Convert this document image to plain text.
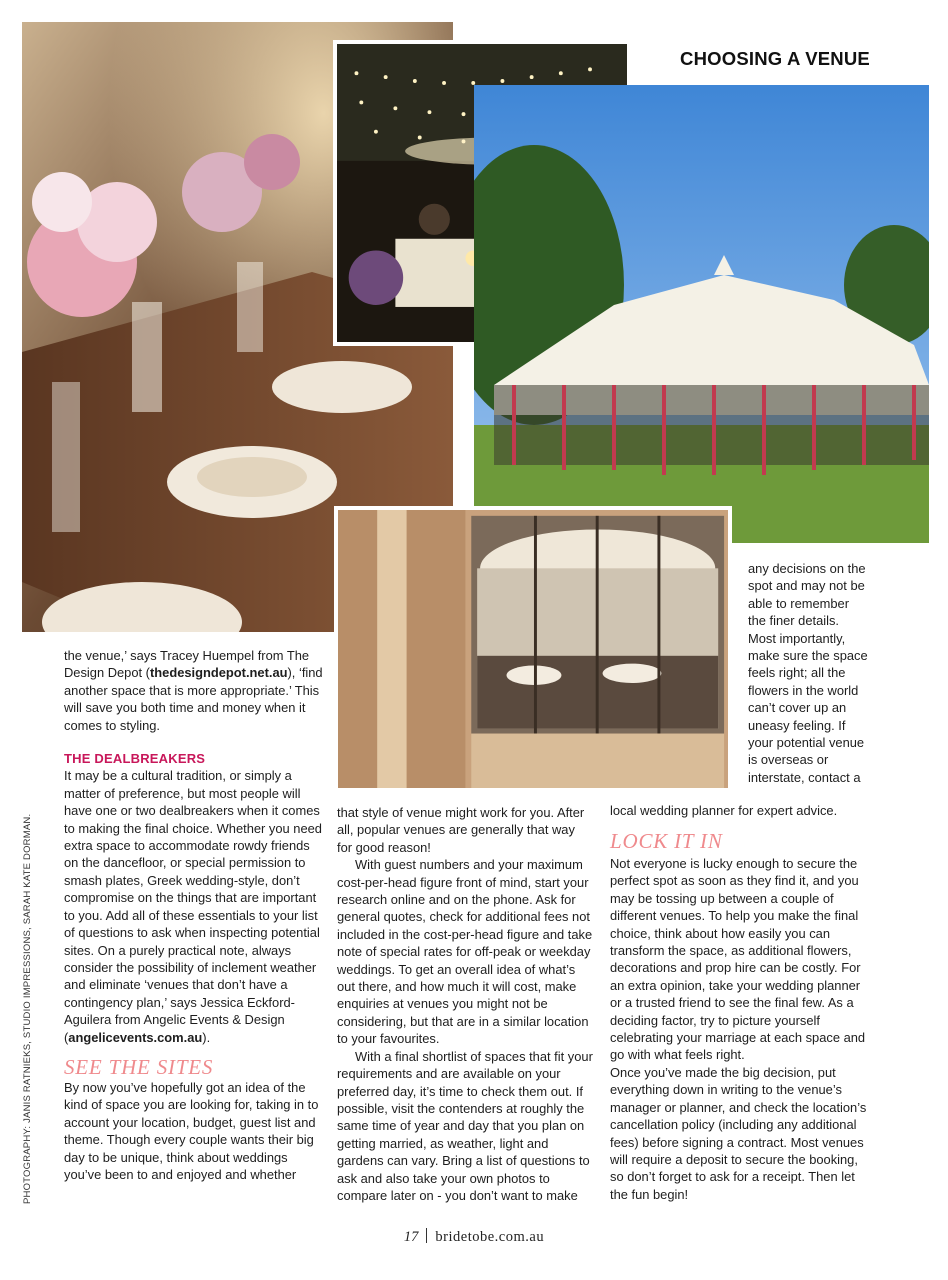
CHOOSING A VENUE

the venue,’ says Tracey Huempel from The Design Depot (thedesigndepot.net.au), ‘find another space that is more appropriate.’ This will save you both time and money when it comes to styling.

THE DEALBREAKERS

It may be a cultural tradition, or simply a matter of preference, but most people will have one or two dealbreakers when it comes to making the final choice. Whether you need extra space to accommodate rowdy friends on the dancefloor, or special permission to smash plates, Greek wedding-style, don’t compromise on the things that are important to you. Add all of these essentials to your list of questions to ask when inspecting potential sites. On a purely practical note, always consider the possibility of inclement weather and eliminate ‘venues that don’t have a contingency plan,’ says Jessica Eckford-Aguilera from Angelic Events & Design (angelicevents.com.au).

SEE THE SITES

By now you’ve hopefully got an idea of the kind of space you are looking for, taking in to account your location, budget, guest list and theme. Though every couple wants their big day to be unique, think about weddings you’ve been to and enjoyed and whether

that style of venue might work for you. After all, popular venues are generally that way for good reason!

With guest numbers and your maximum cost-per-head figure front of mind, start your research online and on the phone. Ask for general quotes, check for additional fees not included in the cost-per-head figure and take note of special rates for off-peak or weekday weddings. To get an overall idea of what’s out there, and how much it will cost, make enquiries at venues you might not be considering, but that are in a similar location to your favourites.

With a final shortlist of spaces that fit your requirements and are available on your preferred day, it’s time to check them out. If possible, visit the contenders at roughly the same time of year and day that you plan on getting married, as weather, light and gardens can vary. Bring a list of questions to ask and also take your own photos to compare later on - you don’t want to make

any decisions on the spot and may not be able to remember the finer details. Most importantly, make sure the space feels right; all the flowers in the world can’t cover up an uneasy feeling. If your potential venue is overseas or interstate, contact a

local wedding planner for expert advice.

LOCK IT IN

Not everyone is lucky enough to secure the perfect spot as soon as they find it, and you may be tossing up between a couple of different venues. To help you make the final choice, think about how easily you can transform the space, as additional flowers, decorations and prop hire can be costly. For an extra opinion, take your wedding planner or a trusted friend to see the final few. As a deciding factor, try to picture yourself celebrating your marriage at each space and go with what feels right.

Once you’ve made the big decision, put everything down in writing to the venue’s manager or planner, and check the location’s cancellation policy (including any additional fees) before signing a contract. Most venues will require a deposit to secure the booking, so don’t forget to ask for a receipt. Then let the fun begin!

PHOTOGRAPHY: JANIS RATNIEKS, STUDIO IMPRESSIONS, SARAH KATE DORMAN.
17 bridetobe.com.au
